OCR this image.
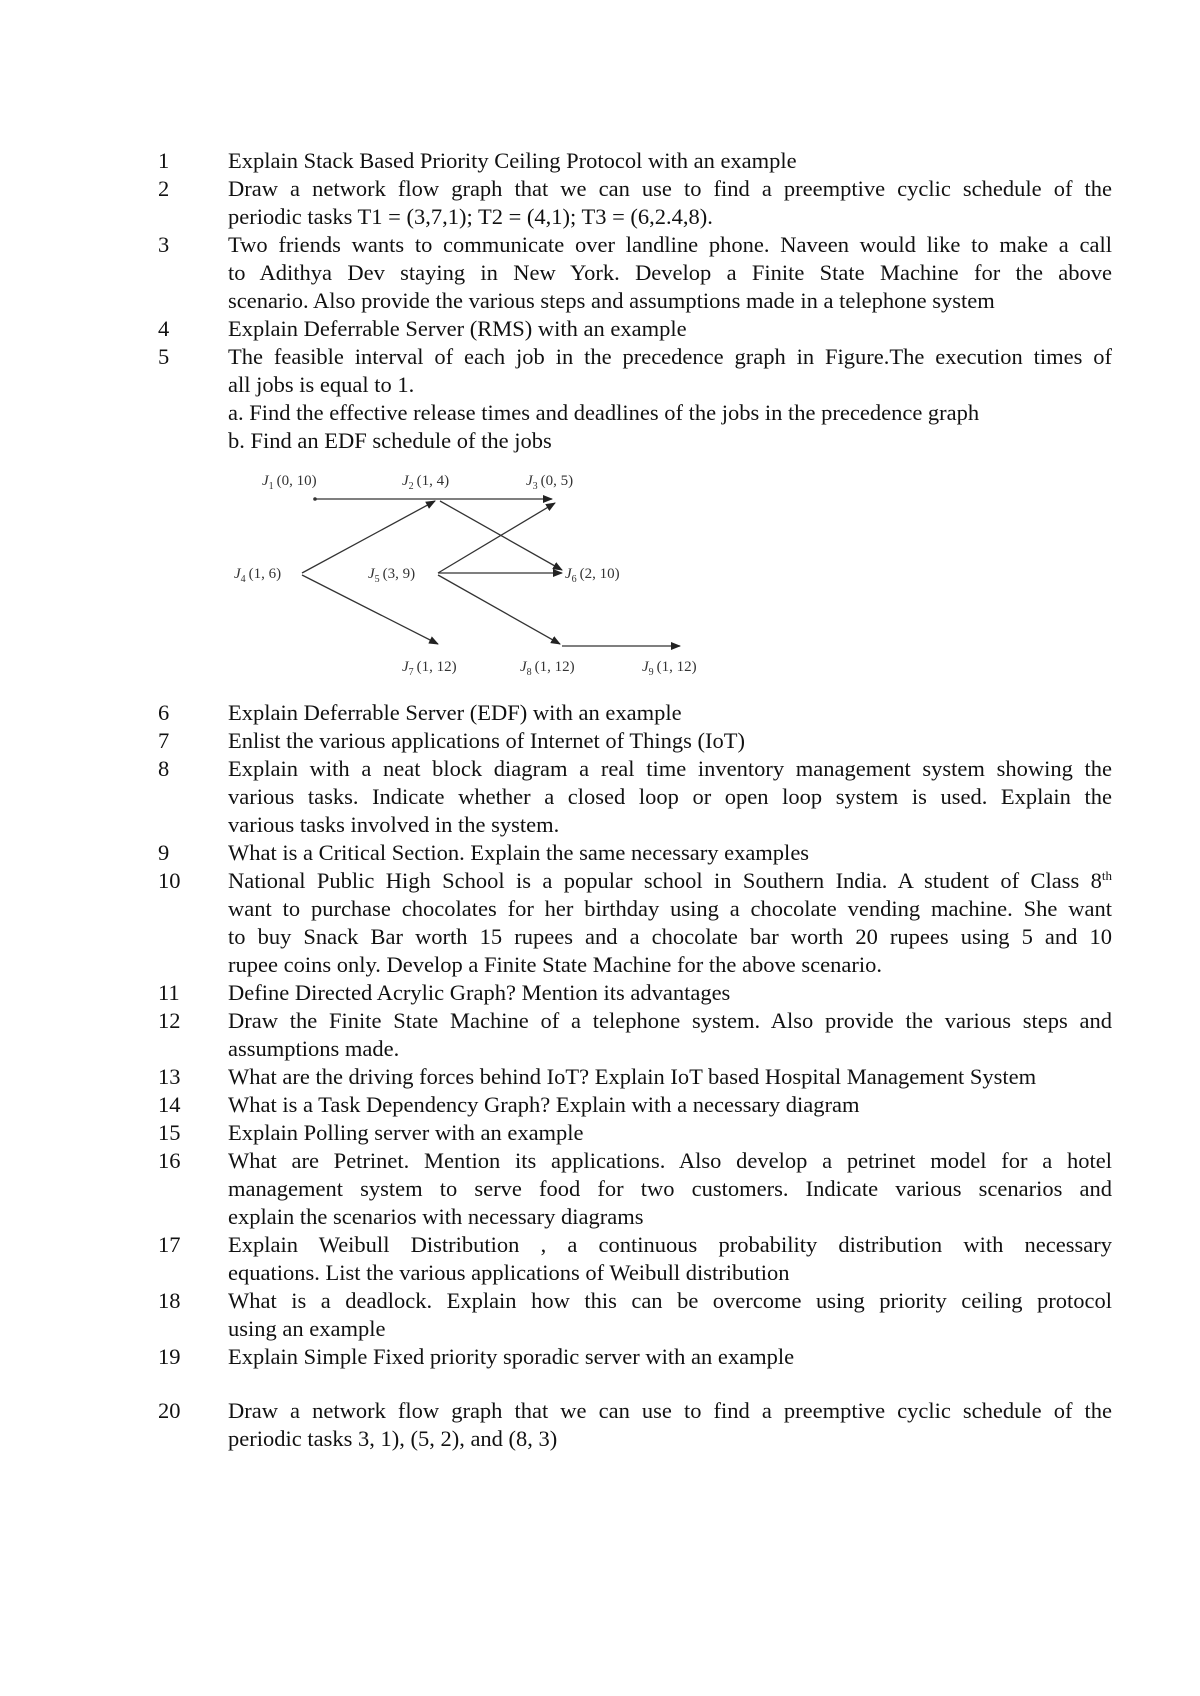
1	Explain Stack Based Priority Ceiling Protocol with an example
2	Draw a network flow graph that we can use to find a preemptive cyclic schedule of the
periodic tasks T1 = (3,7,1); T2 = (4,1); T3 = (6,2.4,8).
3	Two friends wants to communicate over landline phone. Naveen would like to make a call
to Adithya Dev staying in New York. Develop a Finite State Machine for the above
scenario. Also provide the various steps and assumptions made in a telephone system
4	Explain Deferrable Server (RMS) with an example
5	The feasible interval of each job in the precedence graph in Figure.The execution times of
all jobs is equal to 1.
a. Find the effective release times and deadlines of the jobs in the precedence graph
b. Find an EDF schedule of the jobs
$J_1$ (0, 10)	$J_2$ (1, 4)	$J_3$ (0, 5)
$J_4$ (1, 6)	$J_5$ (3, 9)	$J_6$ (2, 10)
$J_7$ (1, 12)	$J_8$ (1, 12)	$J_9$ (1, 12)
6	Explain Deferrable Server (EDF) with an example
7	Enlist the various applications of Internet of Things (IoT)
8	Explain with a neat block diagram a real time inventory management system showing the
various tasks. Indicate whether a closed loop or open loop system is used. Explain the
various tasks involved in the system.
9	What is a Critical Section. Explain the same necessary examples
10	National Public High School is a popular school in Southern India. A student of Class 8th
want to purchase chocolates for her birthday using a chocolate vending machine. She want
to buy Snack Bar worth 15 rupees and a chocolate bar worth 20 rupees using 5 and 10
rupee coins only. Develop a Finite State Machine for the above scenario.
11	Define Directed Acrylic Graph? Mention its advantages
12	Draw the Finite State Machine of a telephone system. Also provide the various steps and
assumptions made.
13	What are the driving forces behind IoT? Explain IoT based Hospital Management System
14	What is a Task Dependency Graph? Explain with a necessary diagram
15	Explain Polling server with an example
16	What are Petrinet. Mention its applications. Also develop a petrinet model for a hotel
management system to serve food for two customers. Indicate various scenarios and
explain the scenarios with necessary diagrams
17	Explain Weibull Distribution , a continuous probability distribution with necessary
equations. List the various applications of Weibull distribution
18	What is a deadlock. Explain how this can be overcome using priority ceiling protocol
using an example
19	Explain Simple Fixed priority sporadic server with an example
20	Draw a network flow graph that we can use to find a preemptive cyclic schedule of the
periodic tasks 3, 1), (5, 2), and (8, 3)
